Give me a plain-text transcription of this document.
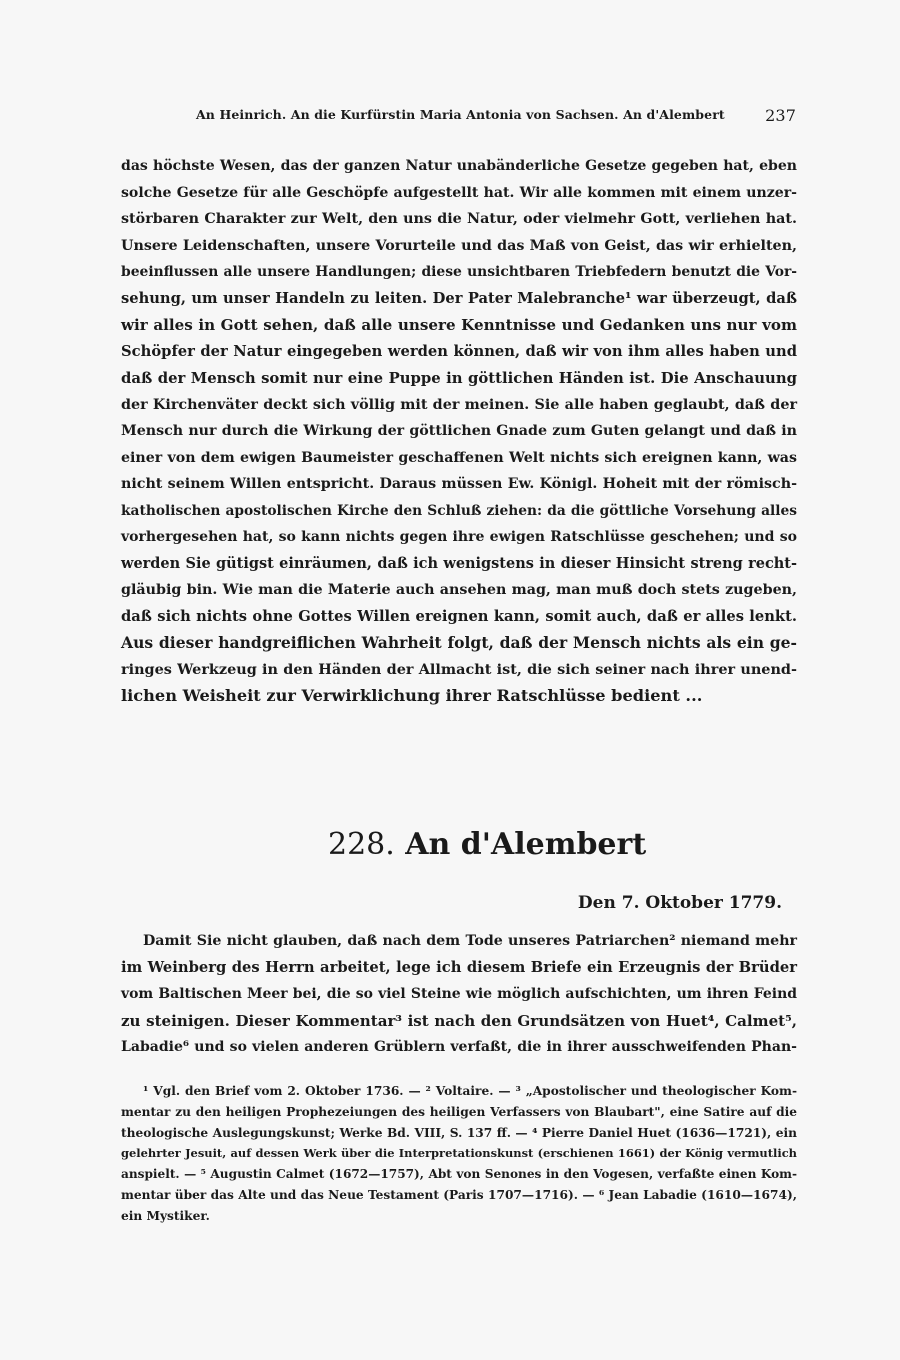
An Heinrich. An die Kurfürstin Maria Antonia von Sachsen. An d'Alembert	237
das höchste Wesen, das der ganzen Natur unabänderliche Gesetze gegeben hat, eben
solche Gesetze für alle Geschöpfe aufgestellt hat. Wir alle kommen mit einem unzer-
störbaren Charakter zur Welt, den uns die Natur, oder vielmehr Gott, verliehen hat.
Unsere Leidenschaften, unsere Vorurteile und das Maß von Geist, das wir erhielten,
beeinflussen alle unsere Handlungen; diese unsichtbaren Triebfedern benutzt die Vor-
sehung, um unser Handeln zu leiten. Der Pater Malebranche¹ war überzeugt, daß
wir alles in Gott sehen, daß alle unsere Kenntnisse und Gedanken uns nur vom
Schöpfer der Natur eingegeben werden können, daß wir von ihm alles haben und
daß der Mensch somit nur eine Puppe in göttlichen Händen ist. Die Anschauung
der Kirchenväter deckt sich völlig mit der meinen. Sie alle haben geglaubt, daß der
Mensch nur durch die Wirkung der göttlichen Gnade zum Guten gelangt und daß in
einer von dem ewigen Baumeister geschaffenen Welt nichts sich ereignen kann, was
nicht seinem Willen entspricht. Daraus müssen Ew. Königl. Hoheit mit der römisch-
katholischen apostolischen Kirche den Schluß ziehen: da die göttliche Vorsehung alles
vorhergesehen hat, so kann nichts gegen ihre ewigen Ratschlüsse geschehen; und so
werden Sie gütigst einräumen, daß ich wenigstens in dieser Hinsicht streng recht-
gläubig bin. Wie man die Materie auch ansehen mag, man muß doch stets zugeben,
daß sich nichts ohne Gottes Willen ereignen kann, somit auch, daß er alles lenkt.
Aus dieser handgreiflichen Wahrheit folgt, daß der Mensch nichts als ein ge-
ringes Werkzeug in den Händen der Allmacht ist, die sich seiner nach ihrer unend-
lichen Weisheit zur Verwirklichung ihrer Ratschlüsse bedient ...
228. An d'Alembert
Den 7. Oktober 1779.
Damit Sie nicht glauben, daß nach dem Tode unseres Patriarchen² niemand mehr
im Weinberg des Herrn arbeitet, lege ich diesem Briefe ein Erzeugnis der Brüder
vom Baltischen Meer bei, die so viel Steine wie möglich aufschichten, um ihren Feind
zu steinigen. Dieser Kommentar³ ist nach den Grundsätzen von Huet⁴, Calmet⁵,
Labadie⁶ und so vielen anderen Grüblern verfaßt, die in ihrer ausschweifenden Phan-
¹ Vgl. den Brief vom 2. Oktober 1736. — ² Voltaire. — ³ „Apostolischer und theologischer Kom-
mentar zu den heiligen Prophezeiungen des heiligen Verfassers von Blaubart", eine Satire auf die
theologische Auslegungskunst; Werke Bd. VIII, S. 137 ff. — ⁴ Pierre Daniel Huet (1636—1721), ein
gelehrter Jesuit, auf dessen Werk über die Interpretationskunst (erschienen 1661) der König vermutlich
anspielt. — ⁵ Augustin Calmet (1672—1757), Abt von Senones in den Vogesen, verfaßte einen Kom-
mentar über das Alte und das Neue Testament (Paris 1707—1716). — ⁶ Jean Labadie (1610—1674),
ein Mystiker.
